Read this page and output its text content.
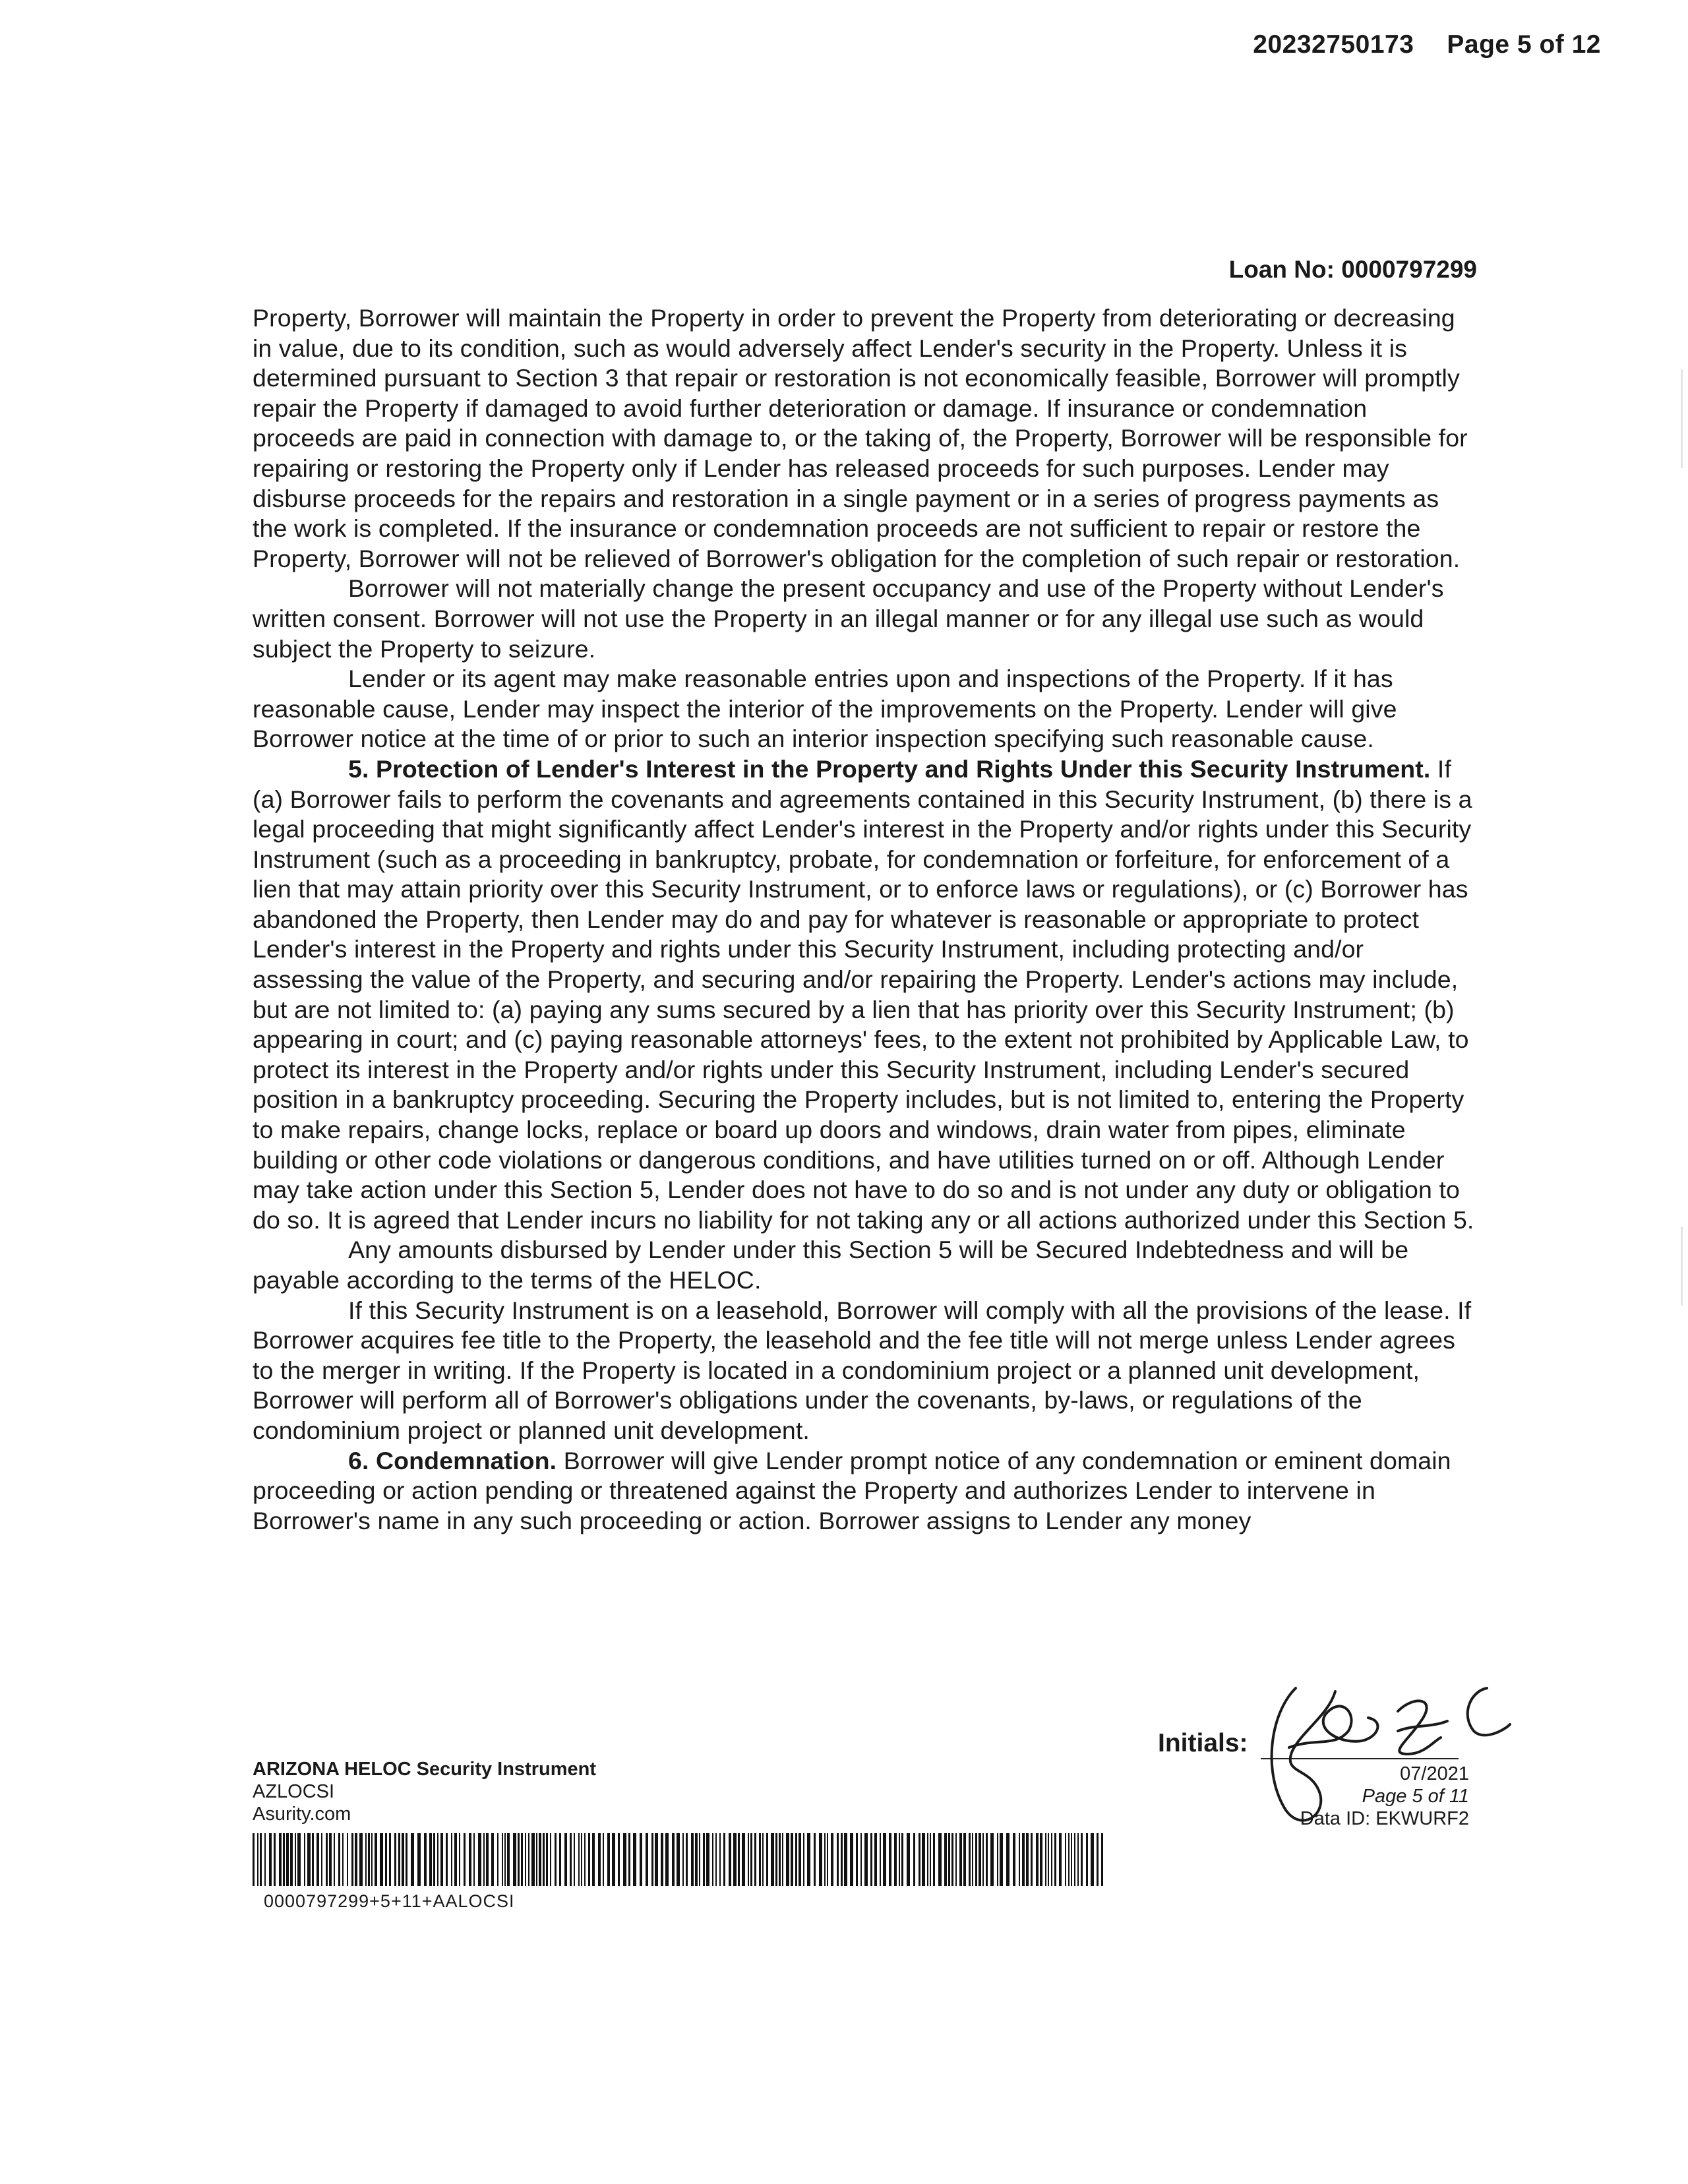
20232750173 Page 5 of 12
Loan No: 0000797299

Property, Borrower will maintain the Property in order to prevent the Property from deteriorating or decreasing in value, due to its condition, such as would adversely affect Lender's security in the Property. Unless it is determined pursuant to Section 3 that repair or restoration is not economically feasible, Borrower will promptly repair the Property if damaged to avoid further deterioration or damage. If insurance or condemnation proceeds are paid in connection with damage to, or the taking of, the Property, Borrower will be responsible for repairing or restoring the Property only if Lender has released proceeds for such purposes. Lender may disburse proceeds for the repairs and restoration in a single payment or in a series of progress payments as the work is completed. If the insurance or condemnation proceeds are not sufficient to repair or restore the Property, Borrower will not be relieved of Borrower's obligation for the completion of such repair or restoration.

Borrower will not materially change the present occupancy and use of the Property without Lender's written consent. Borrower will not use the Property in an illegal manner or for any illegal use such as would subject the Property to seizure.

Lender or its agent may make reasonable entries upon and inspections of the Property. If it has reasonable cause, Lender may inspect the interior of the improvements on the Property. Lender will give Borrower notice at the time of or prior to such an interior inspection specifying such reasonable cause.

5. Protection of Lender's Interest in the Property and Rights Under this Security Instrument. If (a) Borrower fails to perform the covenants and agreements contained in this Security Instrument, (b) there is a legal proceeding that might significantly affect Lender's interest in the Property and/or rights under this Security Instrument (such as a proceeding in bankruptcy, probate, for condemnation or forfeiture, for enforcement of a lien that may attain priority over this Security Instrument, or to enforce laws or regulations), or (c) Borrower has abandoned the Property, then Lender may do and pay for whatever is reasonable or appropriate to protect Lender's interest in the Property and rights under this Security Instrument, including protecting and/or assessing the value of the Property, and securing and/or repairing the Property. Lender's actions may include, but are not limited to: (a) paying any sums secured by a lien that has priority over this Security Instrument; (b) appearing in court; and (c) paying reasonable attorneys' fees, to the extent not prohibited by Applicable Law, to protect its interest in the Property and/or rights under this Security Instrument, including Lender's secured position in a bankruptcy proceeding. Securing the Property includes, but is not limited to, entering the Property to make repairs, change locks, replace or board up doors and windows, drain water from pipes, eliminate building or other code violations or dangerous conditions, and have utilities turned on or off. Although Lender may take action under this Section 5, Lender does not have to do so and is not under any duty or obligation to do so. It is agreed that Lender incurs no liability for not taking any or all actions authorized under this Section 5.

Any amounts disbursed by Lender under this Section 5 will be Secured Indebtedness and will be payable according to the terms of the HELOC.

If this Security Instrument is on a leasehold, Borrower will comply with all the provisions of the lease. If Borrower acquires fee title to the Property, the leasehold and the fee title will not merge unless Lender agrees to the merger in writing. If the Property is located in a condominium project or a planned unit development, Borrower will perform all of Borrower's obligations under the covenants, by-laws, or regulations of the condominium project or planned unit development.

6. Condemnation. Borrower will give Lender prompt notice of any condemnation or eminent domain proceeding or action pending or threatened against the Property and authorizes Lender to intervene in Borrower's name in any such proceeding or action. Borrower assigns to Lender any money

ARIZONA HELOC Security Instrument
AZLOCSI
Asurity.com
0000797299+5+11+AALOCSI
Initials:
07/2021
Page 5 of 11
Data ID: EKWURF2
